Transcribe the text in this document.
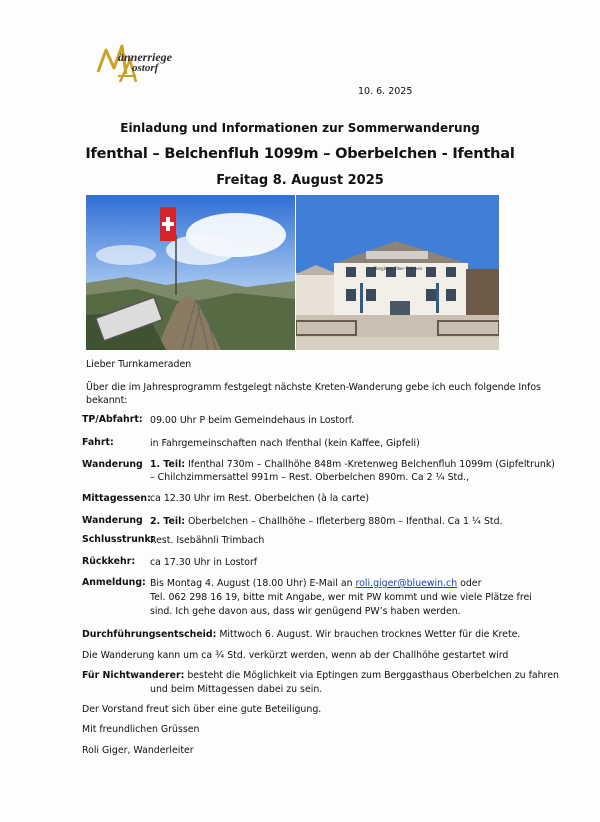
ännerriege
ostorf
10. 6. 2025
Einladung und Informationen zur Sommerwanderung
Ifenthal – Belchenfluh 1099m – Oberbelchen - Ifenthal
Freitag 8. August 2025
Berghaus Ober-Belchen
Lieber Turnkameraden
Über die im Jahresprogramm festgelegt nächste Kreten-Wanderung gebe ich euch folgende Infos
bekannt:
TP/Abfahrt: 09.00 Uhr P beim Gemeindehaus in Lostorf.
Fahrt:	in Fahrgemeinschaften nach Ifenthal (kein Kaffee, Gipfeli)
Wanderung 1. Teil: Ifenthal 730m – Challhöhe 848m -Kretenweg Belchenfluh 1099m (Gipfeltrunk)
– Chilchzimmersattel 991m – Rest. Oberbelchen 890m. Ca 2 ¼ Std.,
Mittagessen: ca 12.30 Uhr im Rest. Oberbelchen (à la carte)
Wanderung 2. Teil: Oberbelchen – Challhöhe – Ifleterberg 880m – Ifenthal. Ca 1 ¼ Std.
Schlusstrunk:
Rest. Isebähnli Trimbach
Rückkehr: ca 17.30 Uhr in Lostorf
Anmeldung: Bis Montag 4. August (18.00 Uhr) E-Mail an roli.giger@bluewin.ch oder
Tel. 062 298 16 19, bitte mit Angabe, wer mit PW kommt und wie viele Plätze frei
sind. Ich gehe davon aus, dass wir genügend PW’s haben werden.
Durchführungsentscheid: Mittwoch 6. August. Wir brauchen trocknes Wetter für die Krete.
Die Wanderung kann um ca ¾ Std. verkürzt werden, wenn ab der Challhöhe gestartet wird
Für Nichtwanderer: besteht die Möglichkeit via Eptingen zum Berggasthaus Oberbelchen zu fahren
und beim Mittagessen dabei zu sein.
Der Vorstand freut sich über eine gute Beteiligung.
Mit freundlichen Grüssen
Roli Giger, Wanderleiter
